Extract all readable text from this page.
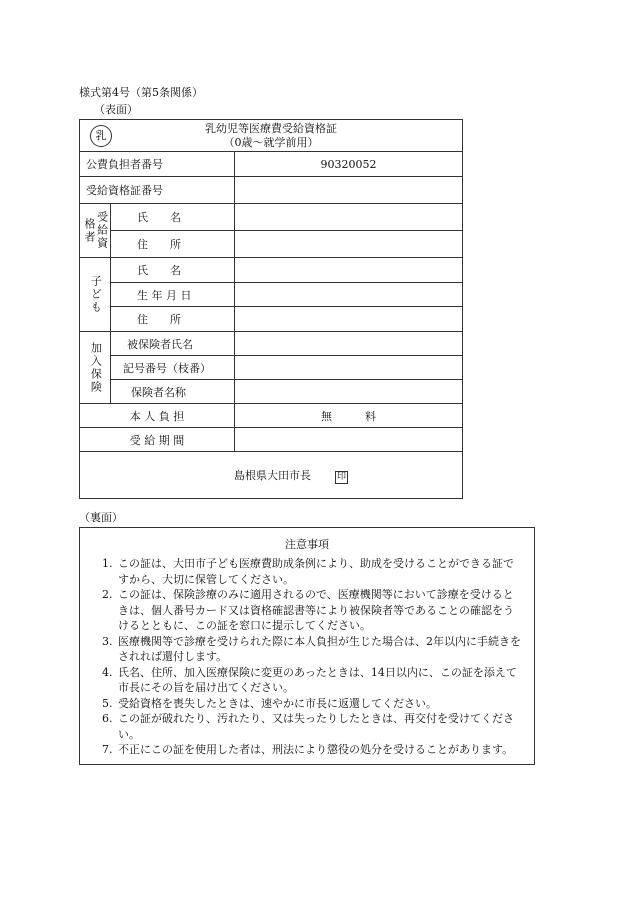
様式第4号（第5条関係）
（表面）
乳
乳幼児等医療費受給資格証
（0歳～就学前用）		

公費負担者番号		90320052
受給資格証番号		

受給資格者	氏　　名	
	住　　所	

子ども	氏　　名	
	生 年 月 日	
	住　　所	

加入保険	被保険者氏名	
	記号番号（枝番）	
	保険者名称	
本 人 負 担		無　　　料
受 給 期 間		
島根県大田市長 印		
（裏面）
注意事項
1. この証は、大田市子ども医療費助成条例により、助成を受けることができる証ですから、大切に保管してください。
2. この証は、保険診療のみに適用されるので、医療機関等において診療を受けるときは、個人番号カード又は資格確認書等により被保険者等であることの確認をうけるとともに、この証を窓口に提示してください。
3. 医療機関等で診療を受けられた際に本人負担が生じた場合は、2年以内に手続きをされれば還付します。
4. 氏名、住所、加入医療保険に変更のあったときは、14日以内に、この証を添えて市長にその旨を届け出てください。
5. 受給資格を喪失したときは、速やかに市長に返還してください。
6. この証が破れたり、汚れたり、又は失ったりしたときは、再交付を受けてください。
7. 不正にこの証を使用した者は、刑法により懲役の処分を受けることがあります。
